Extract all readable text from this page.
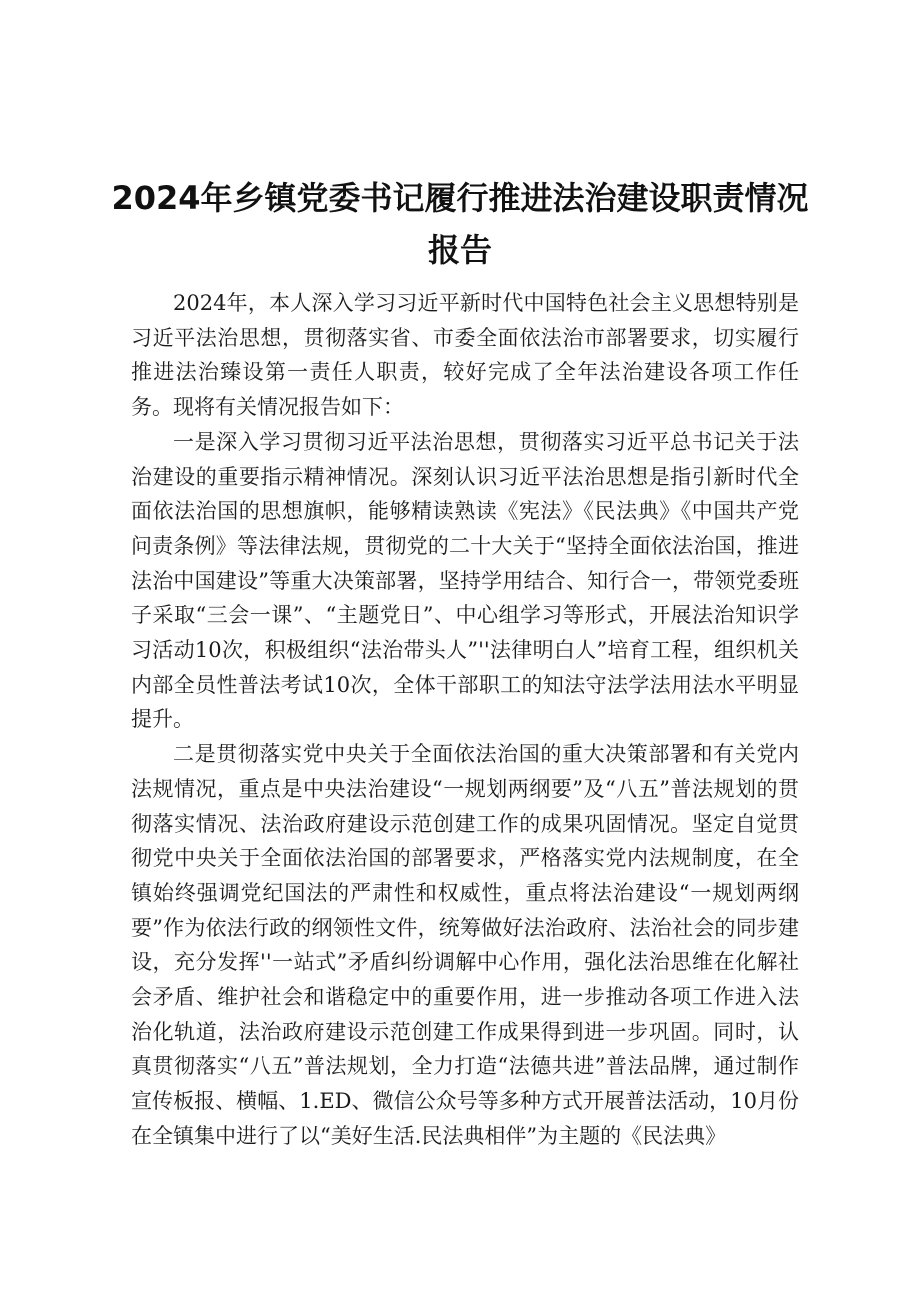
2024年乡镇党委书记履行推进法治建设职责情况报告

2024年，本人深入学习习近平新时代中国特色社会主义思想特别是习近平法治思想，贯彻落实省、市委全面依法治市部署要求，切实履行推进法治臻设第一责任人职责，较好完成了全年法治建设各项工作任务。现将有关情况报告如下：

一是深入学习贯彻习近平法治思想，贯彻落实习近平总书记关于法治建设的重要指示精神情况。深刻认识习近平法治思想是指引新时代全面依法治国的思想旗帜，能够精读熟读《宪法》《民法典》《中国共产党问责条例》等法律法规，贯彻党的二十大关于“坚持全面依法治国，推进法治中国建设”等重大决策部署，坚持学用结合、知行合一，带领党委班子采取“三会一课”、“主题党日”、中心组学习等形式，开展法治知识学习活动10次，积极组织“法治带头人”''法律明白人”培育工程，组织机关内部全员性普法考试10次，全体干部职工的知法守法学法用法水平明显提升。

二是贯彻落实党中央关于全面依法治国的重大决策部署和有关党内法规情况，重点是中央法治建设“一规划两纲要”及“八五”普法规划的贯彻落实情况、法治政府建设示范创建工作的成果巩固情况。坚定自觉贯彻党中央关于全面依法治国的部署要求，严格落实党内法规制度，在全镇始终强调党纪国法的严肃性和权威性，重点将法治建设“一规划两纲要”作为依法行政的纲领性文件，统筹做好法治政府、法治社会的同步建设，充分发挥''一站式”矛盾纠纷调解中心作用，强化法治思维在化解社会矛盾、维护社会和谐稳定中的重要作用，进一步推动各项工作进入法治化轨道，法治政府建设示范创建工作成果得到进一步巩固。同时，认真贯彻落实“八五”普法规划，全力打造“法德共进”普法品牌，通过制作宣传板报、横幅、1.ED、微信公众号等多种方式开展普法活动，10月份在全镇集中进行了以“美好生活.民法典相伴”为主题的《民法典》
